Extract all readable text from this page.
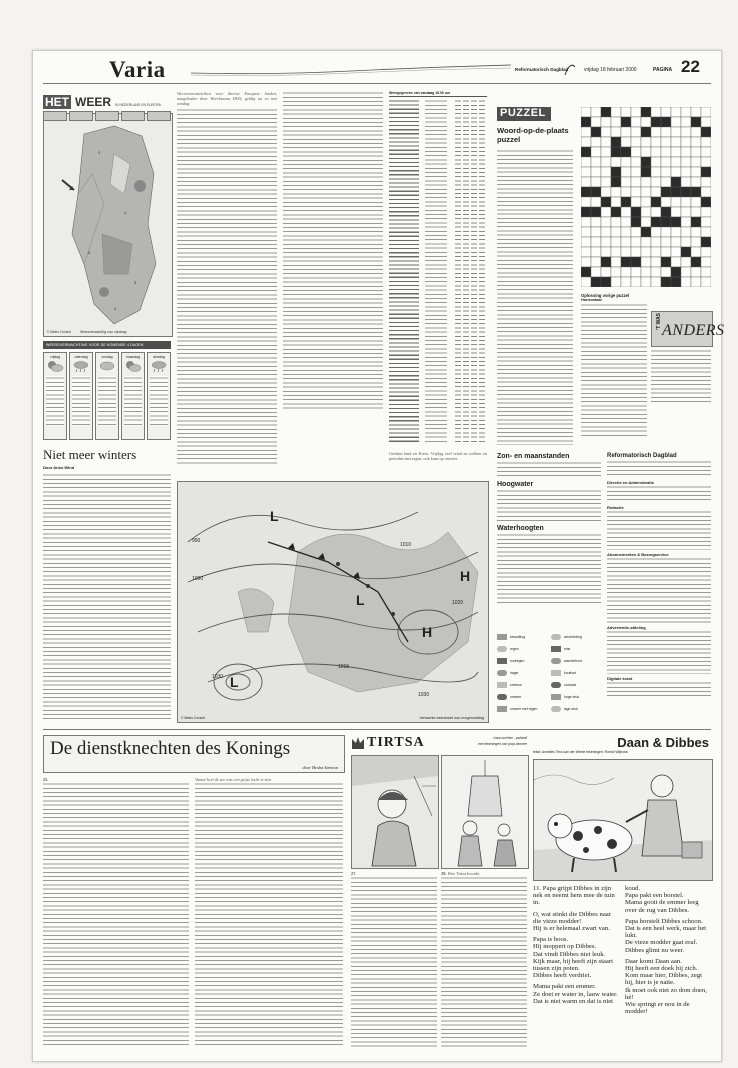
Varia	Reformatorisch Dagblad	vrijdag 18 februari 2000	PAGINA 22
HET WEER IN NEDERLAND EN EUROPA
3
4
5
3
4
© Meteo Consult	Weersverwachting voor vandaag
WEERSVERWACHTING VOOR DE KOMENDE 4 DAGEN
vrijdag	zaterdag	zondag	maandag	dinsdag
Niet meer winters
Door Anko Wind
Weersvooruitzichten voor diverse Europese landen, aangeboden door Weerbureau HWS, geldig tot en met zondag:
Grieken land en Kreta: Vrijdag veel wind en wolken en perioden met regen, ook kans op onweer.
Weergegevens van vandaag 18.00 uur
990
1000
1010
1015
1020
1030
1030
L
L
L
H
H
© Meteo Consult	Verwachte weerskaart voor morgenmiddag
PUZZEL
Woord-op-de-plaats puzzel
Oplossing vorige puzzel
Horizontaal
'T WAS
ANDERS
Zon- en maanstanden
Hoogwater
Waterhoogten
bewolking
regen
motregen
hagel
sneeuw
onweer
onweer met regen
windrichting
mist
warmtefront
koufront
occlusie
hoge druk
lage druk
Reformatorisch Dagblad
Directie en Administratie
Redactie
Abonnementen & Bezorgservice
Advertentie-afdeling
Digitale krant
De dienstknechten des Konings
door Hesba Stretton
25.	Vanuit heel de zee was een grijze lucht te zien
TIRTSA	clara ouchter - polstraf
met tekeningen van joop lammer
27.	28. Hoe Tirtsa hoorde,
Daan & Dibbes
tekst: Annelies Tera-van der Weele tekeningen: Roelof Wijtsma
11. Papa grijpt Dibbes in zijn nek en neemt hem mee de tuin in.
O, wat stinkt die Dibbes naar die vieze modder!
Hij is er helemaal zwart van.
Papa is boos.
Hij moppert op Dibbes.
Dat vindt Dibbes niet leuk.
Kijk maar, hij heeft zijn staart tussen zijn poten.
Dibbes heeft verdriet.
Mama pakt een emmer.
Ze doet er water in, lauw water.
Dat is niet warm en dat is niet
koud.
Papa pakt een borstel.
Mama gooit de emmer leeg over de rug van Dibbes.
Papa borstelt Dibbes schoon.
Dat is een heel werk, maar het lukt.
De vieze modder gaat eraf.
Dibbes glimt nu weer.
Daar komt Daan aan.
Hij heeft een doek bij zich.
Kom maar hier, Dibbes, zegt hij, hier is je natte.
Ik moet ook niet zo dom doen, hè!
Wie springt er nou in de modder!
